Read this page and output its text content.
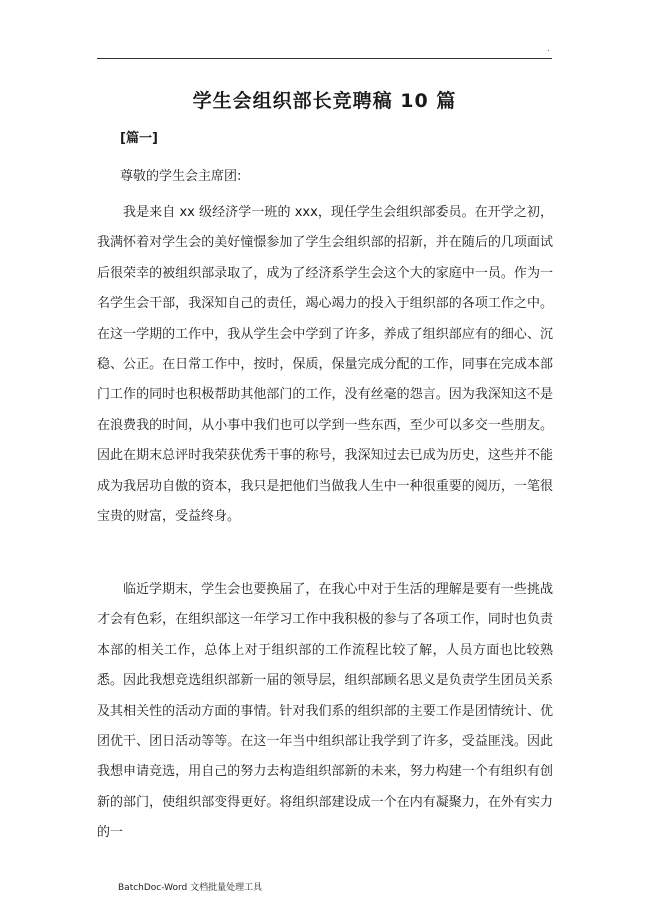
.
学生会组织部长竞聘稿 10 篇
[篇一]
尊敬的学生会主席团:

我是来自 xx 级经济学一班的 xxx，现任学生会组织部委员。在开学之初，我满怀着对学生会的美好憧憬参加了学生会组织部的招新，并在随后的几项面试后很荣幸的被组织部录取了，成为了经济系学生会这个大的家庭中一员。作为一名学生会干部，我深知自己的责任，竭心竭力的投入于组织部的各项工作之中。在这一学期的工作中，我从学生会中学到了许多，养成了组织部应有的细心、沉稳、公正。在日常工作中，按时，保质，保量完成分配的工作，同事在完成本部门工作的同时也积极帮助其他部门的工作，没有丝毫的怨言。因为我深知这不是在浪费我的时间，从小事中我们也可以学到一些东西，至少可以多交一些朋友。因此在期末总评时我荣获优秀干事的称号，我深知过去已成为历史，这些并不能成为我居功自傲的资本，我只是把他们当做我人生中一种很重要的阅历，一笔很宝贵的财富，受益终身。

临近学期末，学生会也要换届了，在我心中对于生活的理解是要有一些挑战才会有色彩，在组织部这一年学习工作中我积极的参与了各项工作，同时也负责本部的相关工作，总体上对于组织部的工作流程比较了解，人员方面也比较熟悉。因此我想竞选组织部新一届的领导层，组织部顾名思义是负责学生团员关系及其相关性的活动方面的事情。针对我们系的组织部的主要工作是团情统计、优团优干、团日活动等等。在这一年当中组织部让我学到了许多，受益匪浅。因此我想申请竞选，用自己的努力去构造组织部新的未来，努力构建一个有组织有创新的部门，使组织部变得更好。将组织部建设成一个在内有凝聚力，在外有实力的一

BatchDoc-Word 文档批量处理工具
